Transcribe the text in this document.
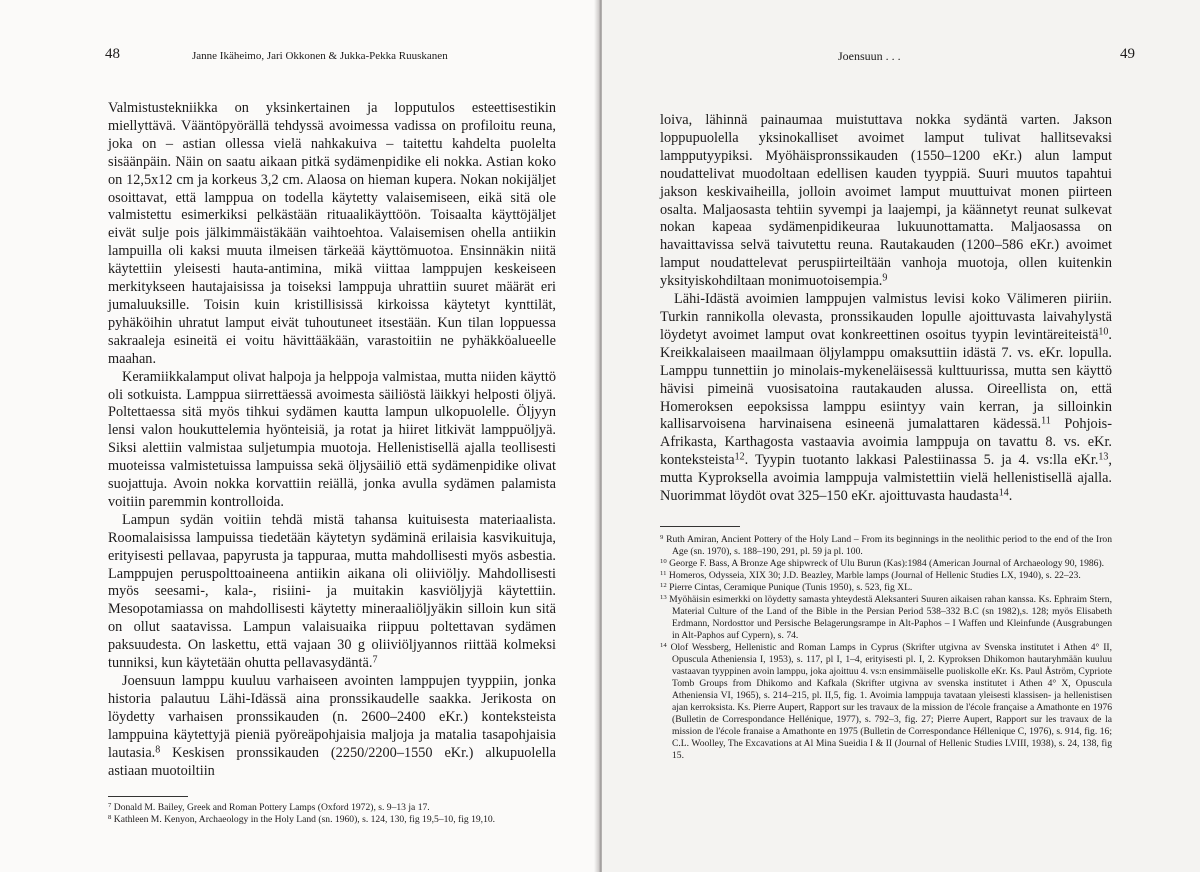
48	Janne Ikäheimo, Jari Okkonen & Jukka-Pekka Ruuskanen

Valmistustekniikka on yksinkertainen ja lopputulos esteettisestikin miellyttävä. Vääntöpyörällä tehdyssä avoimessa vadissa on profiloitu reuna, joka on – astian ollessa vielä nahkakuiva – taitettu kahdelta puolelta sisäänpäin. Näin on saatu aikaan pitkä sydämenpidike eli nokka. Astian koko on 12,5x12 cm ja korkeus 3,2 cm. Alaosa on hieman kupera. Nokan nokijäljet osoittavat, että lamppua on todella käytetty valaisemiseen, eikä sitä ole valmistettu esimerkiksi pelkästään rituaalikäyttöön. Toisaalta käyttöjäljet eivät sulje pois jälkimmäistäkään vaihtoehtoa. Valaisemisen ohella antiikin lampuilla oli kaksi muuta ilmeisen tärkeää käyttömuotoa. Ensinnäkin niitä käytettiin yleisesti hauta-antimina, mikä viittaa lamppujen keskeiseen merkitykseen hautajaisissa ja toiseksi lamppuja uhrattiin suuret määrät eri jumaluuksille. Toisin kuin kristillisissä kirkoissa käytetyt kynttilät, pyhäköihin uhratut lamput eivät tuhoutuneet itsestään. Kun tilan loppuessa sakraaleja esineitä ei voitu hävittääkään, varastoitiin ne pyhäkköalueelle maahan.

Keramiikkalamput olivat halpoja ja helppoja valmistaa, mutta niiden käyttö oli sotkuista. Lamppua siirrettäessä avoimesta säiliöstä läikkyi helposti öljyä. Poltettaessa sitä myös tihkui sydämen kautta lampun ulkopuolelle. Öljyyn lensi valon houkuttelemia hyönteisiä, ja rotat ja hiiret litkivät lamppuöljyä. Siksi alettiin valmistaa suljetumpia muotoja. Hellenistisellä ajalla teollisesti muoteissa valmistetuissa lampuissa sekä öljysäiliö että sydämenpidike olivat suojattuja. Avoin nokka korvattiin reiällä, jonka avulla sydämen palamista voitiin paremmin kontrolloida.

Lampun sydän voitiin tehdä mistä tahansa kuituisesta materiaalista. Roomalaisissa lampuissa tiedetään käytetyn sydäminä erilaisia kasvikuituja, erityisesti pellavaa, papyrusta ja tappuraa, mutta mahdollisesti myös asbestia. Lamppujen peruspolttoaineena antiikin aikana oli oliiviöljy. Mahdollisesti myös seesami-, kala-, risiini- ja muitakin kasviöljyjä käytettiin. Mesopotamiassa on mahdollisesti käytetty mineraaliöljyäkin silloin kun sitä on ollut saatavissa. Lampun valaisuaika riippuu poltettavan sydämen paksuudesta. On laskettu, että vajaan 30 g oliiviöljyannos riittää kolmeksi tunniksi, kun käytetään ohutta pellavasydäntä.$^7$

Joensuun lamppu kuuluu varhaiseen avointen lamppujen tyyppiin, jonka historia palautuu Lähi-Idässä aina pronssikaudelle saakka. Jerikosta on löydetty varhaisen pronssikauden (n. 2600–2400 eKr.) konteksteista lamppuina käytettyjä pieniä pyöreäpohjaisia maljoja ja matalia tasapohjaisia lautasia.$^8$ Keskisen pronssikauden (2250/2200–1550 eKr.) alkupuolella astiaan muotoiltiin

$^7$ Donald M. Bailey, Greek and Roman Pottery Lamps (Oxford 1972), s. 9–13 ja 17.
$^8$ Kathleen M. Kenyon, Archaeology in the Holy Land (sn. 1960), s. 124, 130, fig 19,5–10, fig 19,10.
Joensuun . . .	49

loiva, lähinnä painaumaa muistuttava nokka sydäntä varten. Jakson loppupuolella yksinokalliset avoimet lamput tulivat hallitsevaksi lampputyypiksi. Myöhäispronssikauden (1550–1200 eKr.) alun lamput noudattelivat muodoltaan edellisen kauden tyyppiä. Suuri muutos tapahtui jakson keskivaiheilla, jolloin avoimet lamput muuttuivat monen piirteen osalta. Maljaosasta tehtiin syvempi ja laajempi, ja käännetyt reunat sulkevat nokan kapeaa sydämenpidikeuraa lukuunottamatta. Maljaosassa on havaittavissa selvä taivutettu reuna. Rautakauden (1200–586 eKr.) avoimet lamput noudattelevat peruspiirteiltään vanhoja muotoja, ollen kuitenkin yksityiskohdiltaan monimuotoisempia.$^9$

Lähi-Idästä avoimien lamppujen valmistus levisi koko Välimeren piiriin. Turkin rannikolla olevasta, pronssikauden lopulle ajoittuvasta laivahylystä löydetyt avoimet lamput ovat konkreettinen osoitus tyypin levintäreiteistä$^{10}$. Kreikkalaiseen maailmaan öljylamppu omaksuttiin idästä 7. vs. eKr. lopulla. Lamppu tunnettiin jo minolais-mykeneläisessä kulttuurissa, mutta sen käyttö hävisi pimeinä vuosisatoina rautakauden alussa. Oireellista on, että Homeroksen eepoksissa lamppu esiintyy vain kerran, ja silloinkin kallisarvoisena harvinaisena esineenä jumalattaren kädessä.$^{11}$ Pohjois-Afrikasta, Karthagosta vastaavia avoimia lamppuja on tavattu 8. vs. eKr. konteksteista$^{12}$. Tyypin tuotanto lakkasi Palestiinassa 5. ja 4. vs:lla eKr.$^{13}$, mutta Kyproksella avoimia lamppuja valmistettiin vielä hellenistisellä ajalla. Nuorimmat löydöt ovat 325–150 eKr. ajoittuvasta haudasta$^{14}$.

$^9$ Ruth Amiran, Ancient Pottery of the Holy Land – From its beginnings in the neolithic period to the end of the Iron Age (sn. 1970), s. 188–190, 291, pl. 59 ja pl. 100.
$^{10}$ George F. Bass, A Bronze Age shipwreck of Ulu Burun (Kas):1984 (American Journal of Archaeology 90, 1986).
$^{11}$ Homeros, Odysseia, XIX 30; J.D. Beazley, Marble lamps (Journal of Hellenic Studies LX, 1940), s. 22–23.
$^{12}$ Pierre Cintas, Ceramique Punique (Tunis 1950), s. 523, fig XL.
$^{13}$ Myöhäisin esimerkki on löydetty samasta yhteydestä Aleksanteri Suuren aikaisen rahan kanssa. Ks. Ephraim Stern, Material Culture of the Land of the Bible in the Persian Period 538–332 B.C (sn 1982),s. 128; myös Elisabeth Erdmann, Nordosttor und Persische Belagerungsrampe in Alt-Paphos – I Waffen und Kleinfunde (Ausgrabungen in Alt-Paphos auf Cypern), s. 74.
$^{14}$ Olof Wessberg, Hellenistic and Roman Lamps in Cyprus (Skrifter utgivna av Svenska institutet i Athen 4° II, Opuscula Atheniensia I, 1953), s. 117, pl I, 1–4, erityisesti pl. I, 2. Kyproksen Dhikomon hautaryhmään kuuluu vastaavan tyyppinen avoin lamppu, joka ajoittuu 4. vs:n ensimmäiselle puoliskolle eKr. Ks. Paul Åström, Cypriote Tomb Groups from Dhikomo and Kafkala (Skrifter utgivna av svenska institutet i Athen 4° X, Opuscula Atheniensia VI, 1965), s. 214–215, pl. II,5, fig. 1. Avoimia lamppuja tavataan yleisesti klassisen- ja hellenistisen ajan kerroksista. Ks. Pierre Aupert, Rapport sur les travaux de la mission de l'école française a Amathonte en 1976 (Bulletin de Correspondance Hellénique, 1977), s. 792–3, fig. 27; Pierre Aupert, Rapport sur les travaux de la mission de l'école franaise a Amathonte en 1975 (Bulletin de Correspondance Héllenique C, 1976), s. 914, fig. 16; C.L. Woolley, The Excavations at Al Mina Sueidia I & II (Journal of Hellenic Studies LVIII, 1938), s. 24, 138, fig 15.
